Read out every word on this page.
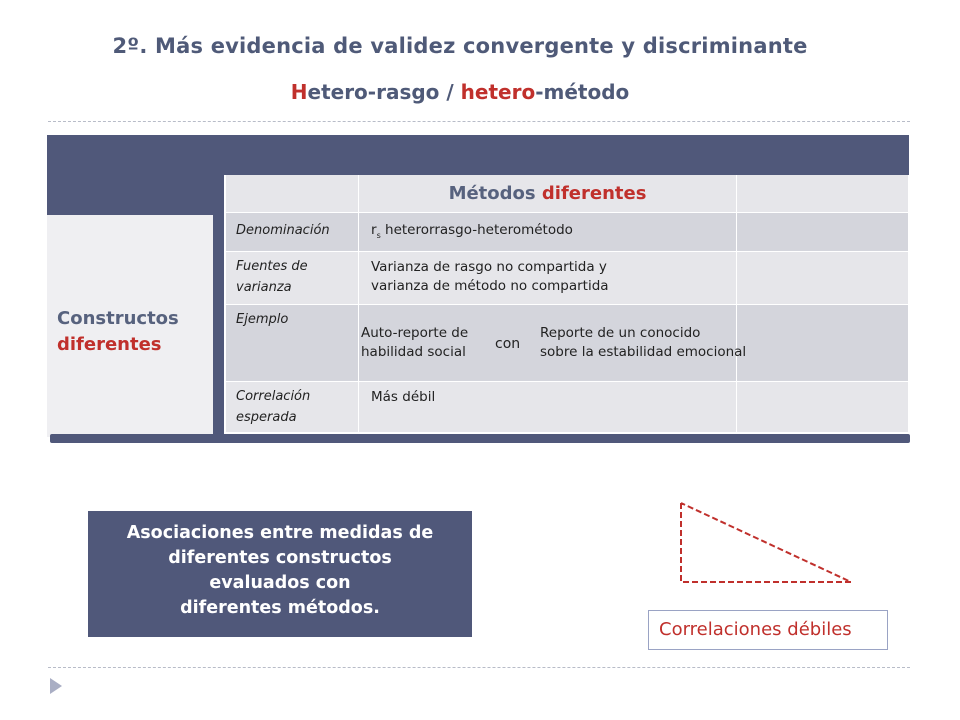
2º. Más evidencia de validez convergente y discriminante
Hetero-rasgo / hetero-método
Constructos
diferentes
Métodos diferentes
Denominación	$r_s$ heterorrasgo-heterométodo
Fuentes de varianza
Varianza de rasgo no compartida y varianza de método no compartida
Ejemplo
Correlación esperada
Más débil
Auto-reporte de
habilidad social con
Reporte de un conocido
sobre la estabilidad emocional
Asociaciones entre medidas de
diferentes constructos
evaluados con
diferentes métodos.
Correlaciones débiles
